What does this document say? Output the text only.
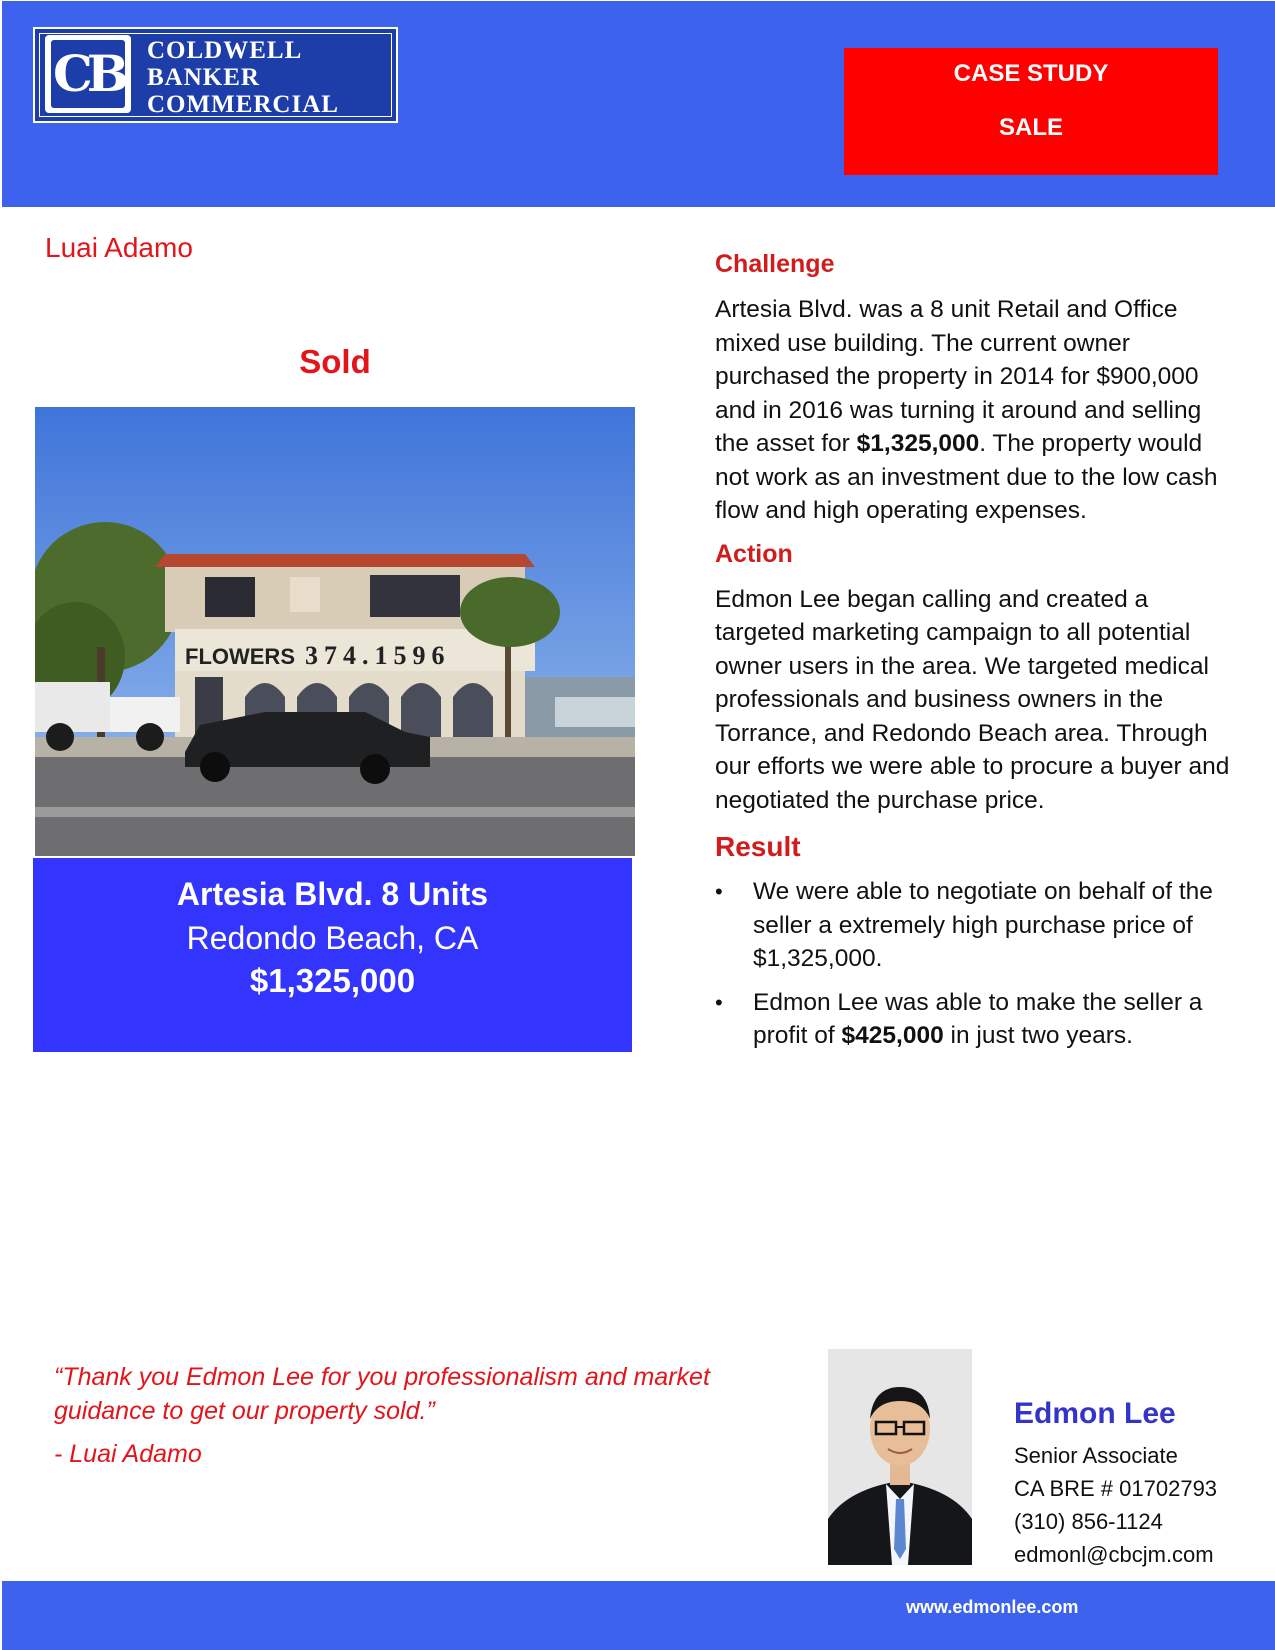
CB COLDWELL
BANKER
COMMERCIAL
CASE STUDY
SALE
Luai Adamo
Sold
FLOWERS 374.1596
Artesia Blvd. 8 Units
Redondo Beach, CA
$1,325,000
Challenge
Artesia Blvd. was a 8 unit Retail and Office mixed use building. The current owner purchased the property in 2014 for $900,000 and in 2016 was turning it around and selling the asset for $1,325,000. The property would not work as an investment due to the low cash flow and high operating expenses.
Action
Edmon Lee began calling and created a targeted marketing campaign to all potential owner users in the area. We targeted medical professionals and business owners in the Torrance, and Redondo Beach area. Through our efforts we were able to procure a buyer and negotiated the purchase price.
Result
• We were able to negotiate on behalf of the seller a extremely high purchase price of $1,325,000.
• Edmon Lee was able to make the seller a profit of $425,000 in just two years.
“Thank you Edmon Lee for you professionalism and market guidance to get our property sold.”
- Luai Adamo
Edmon Lee
Senior Associate
CA BRE # 01702793
(310) 856-1124
edmonl@cbcjm.com
www.edmonlee.com
